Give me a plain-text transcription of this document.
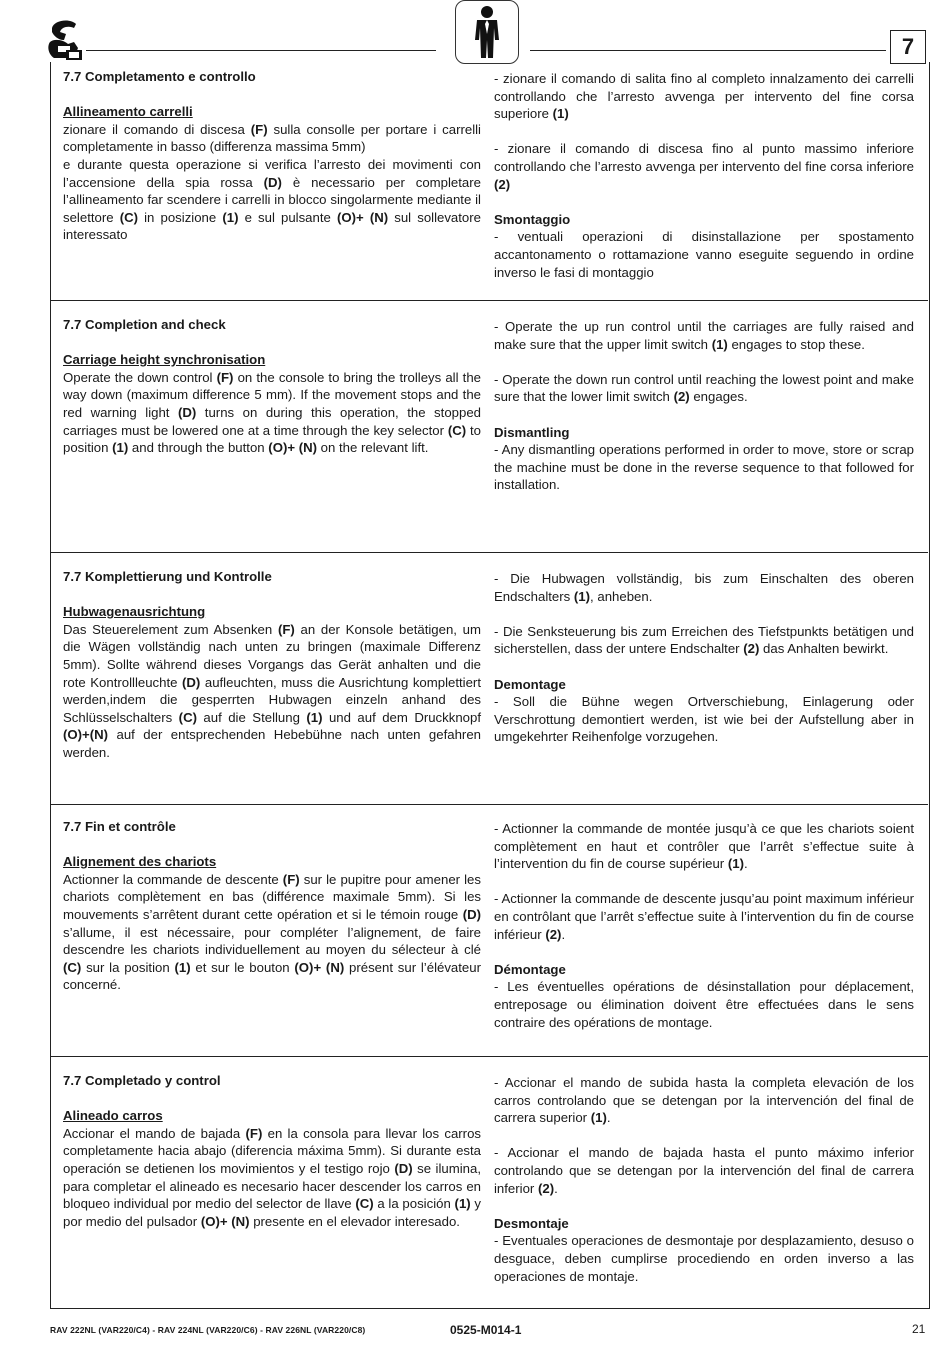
7
7.7 Completamento e controllo
Allineamento carrelli

zionare il comando di discesa (F) sulla consolle per portare i carrelli completamente in basso (differenza massima 5mm)
e durante questa operazione si verifica l’arresto dei movimenti con l’accensione della spia rossa (D) è necessario per completare l’allineamento far scendere i carrelli in blocco singolarmente mediante il selettore (C) in posizione (1) e sul pulsante (O)+ (N) sul sollevatore interessato

- zionare il comando di salita fino al completo innalzamento dei carrelli controllando che l’arresto avvenga per intervento del fine corsa superiore (1)

- zionare il comando di discesa fino al punto massimo inferiore controllando che l’arresto avvenga per intervento del fine corsa inferiore (2)

Smontaggio

- ventuali operazioni di disinstallazione per spostamento accantonamento o rottamazione vanno eseguite seguendo in ordine inverso le fasi di montaggio

7.7 Completion and check
Carriage height synchronisation

Operate the down control (F) on the console to bring the trolleys all the way down (maximum difference 5 mm). If the movement stops and the red warning light (D) turns on during this operation, the stopped carriages must be lowered one at a time through the key selector (C) to position (1) and through the button (O)+ (N) on the relevant lift.

- Operate the up run control until the carriages are fully raised and make sure that the upper limit switch (1) engages to stop these.

- Operate the down run control until reaching the lowest point and make sure that the lower limit switch (2) engages.

Dismantling

- Any dismantling operations performed in order to move, store or scrap the machine must be done in the reverse sequence to that followed for installation.

7.7 Komplettierung und Kontrolle
Hubwagenausrichtung

Das Steuerelement zum Absenken (F) an der Konsole betätigen, um die Wägen vollständig nach unten zu bringen (maximale Differenz 5mm). Sollte während dieses Vorgangs das Gerät anhalten und die rote Kontrollleuchte (D) aufleuchten, muss die Ausrichtung komplettiert werden,indem die gesperrten Hubwagen einzeln anhand des Schlüsselschalters (C) auf die Stellung (1) und auf dem Druckknopf (O)+(N) auf der entsprechenden Hebebühne nach unten gefahren werden.

- Die Hubwagen vollständig, bis zum Einschalten des oberen Endschalters (1), anheben.

- Die Senksteuerung bis zum Erreichen des Tiefstpunkts betätigen und sicherstellen, dass der untere Endschalter (2) das Anhalten bewirkt.

Demontage

- Soll die Bühne wegen Ortverschiebung, Einlagerung oder Verschrottung demontiert werden, ist wie bei der Aufstellung aber in umgekehrter Reihenfolge vorzugehen.

7.7 Fin et contrôle
Alignement des chariots

Actionner la commande de descente (F) sur le pupitre pour amener les chariots complètement en bas (différence maximale 5mm). Si les mouvements s’arrêtent durant cette opération et si le témoin rouge (D) s’allume, il est nécessaire, pour compléter l’alignement, de faire descendre les chariots individuellement au moyen du sélecteur à clé (C) sur la position (1) et sur le bouton (O)+ (N) présent sur l’élévateur concerné.

- Actionner la commande de montée jusqu’à ce que les chariots soient complètement en haut et contrôler que l’arrêt s’effectue suite à l’intervention du fin de course supérieur (1).

- Actionner la commande de descente jusqu’au point maximum inférieur en contrôlant que l’arrêt s’effectue suite à l’intervention du fin de course inférieur (2).

Démontage

- Les éventuelles opérations de désinstallation pour déplacement, entreposage ou élimination doivent être effectuées dans le sens contraire des opérations de montage.

7.7 Completado y control
Alineado carros

Accionar el mando de bajada (F) en la consola para llevar los carros completamente hacia abajo (diferencia máxima 5mm). Si durante esta operación se detienen los movimientos y el testigo rojo (D) se ilumina, para completar el alineado es necesario hacer descender los carros en bloqueo individual por medio del selector de llave (C) a la posición (1) y por medio del pulsador (O)+ (N) presente en el elevador interesado.

- Accionar el mando de subida hasta la completa elevación de los carros controlando que se detengan por la intervención del final de carrera superior (1).

- Accionar el mando de bajada hasta el punto máximo inferior controlando que se detengan por la intervención del final de carrera inferior (2).

Desmontaje

- Eventuales operaciones de desmontaje por desplazamiento, desuso o desguace, deben cumplirse procediendo en orden inverso a las operaciones de montaje.

RAV 222NL (VAR220/C4) - RAV 224NL (VAR220/C6) - RAV 226NL (VAR220/C8)	0525-M014-1	21
